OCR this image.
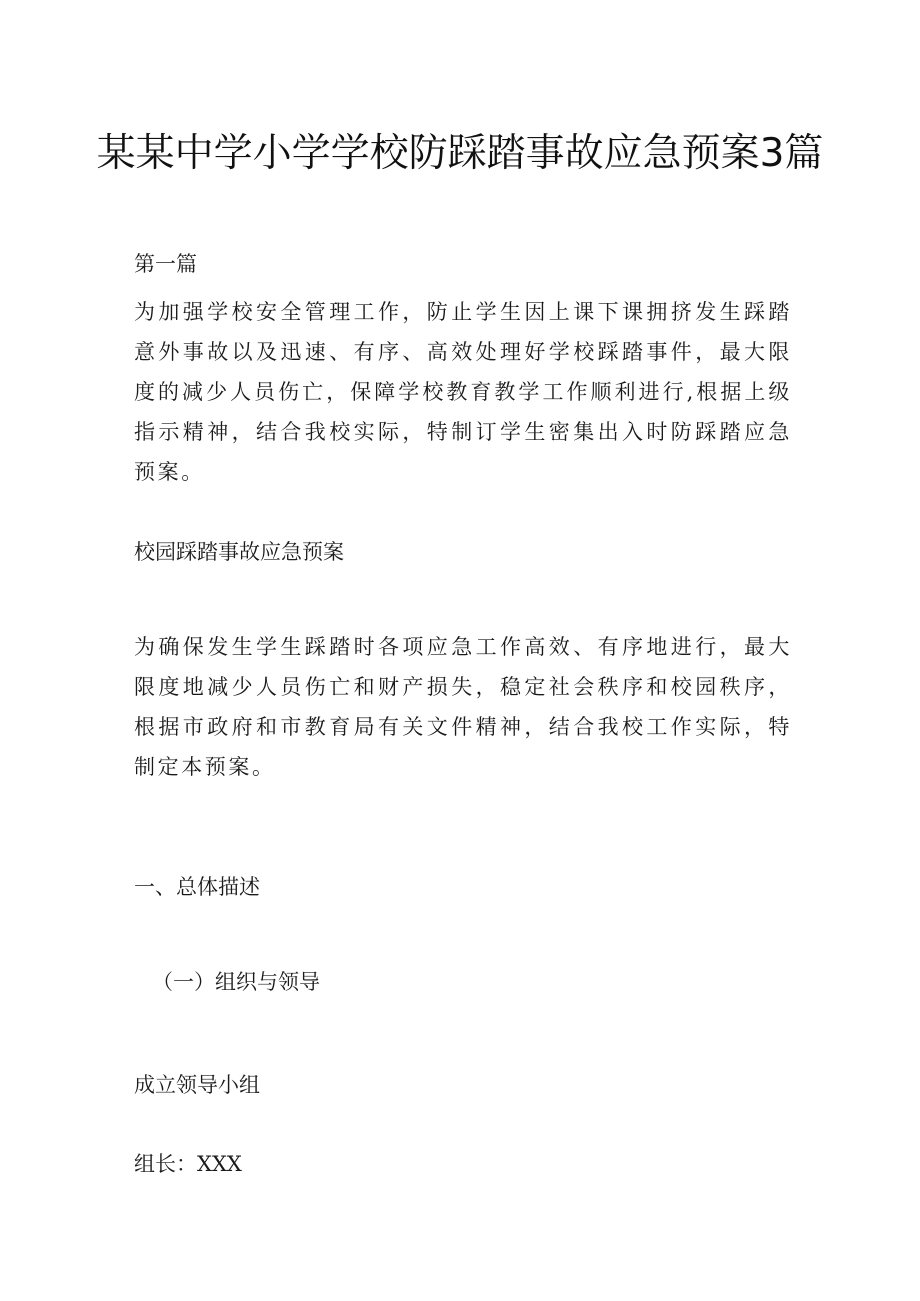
某某中学小学学校防踩踏事故应急预案3篇

第一篇

为加强学校安全管理工作，防止学生因上课下课拥挤发生踩踏意外事故以及迅速、有序、高效处理好学校踩踏事件，最大限度的减少人员伤亡，保障学校教育教学工作顺利进行,根据上级指示精神，结合我校实际，特制订学生密集出入时防踩踏应急预案。

校园踩踏事故应急预案

为确保发生学生踩踏时各项应急工作高效、有序地进行，最大限度地减少人员伤亡和财产损失，稳定社会秩序和校园秩序，根据市政府和市教育局有关文件精神，结合我校工作实际，特制定本预案。

一、总体描述

（一）组织与领导

成立领导小组

组长：XXX
